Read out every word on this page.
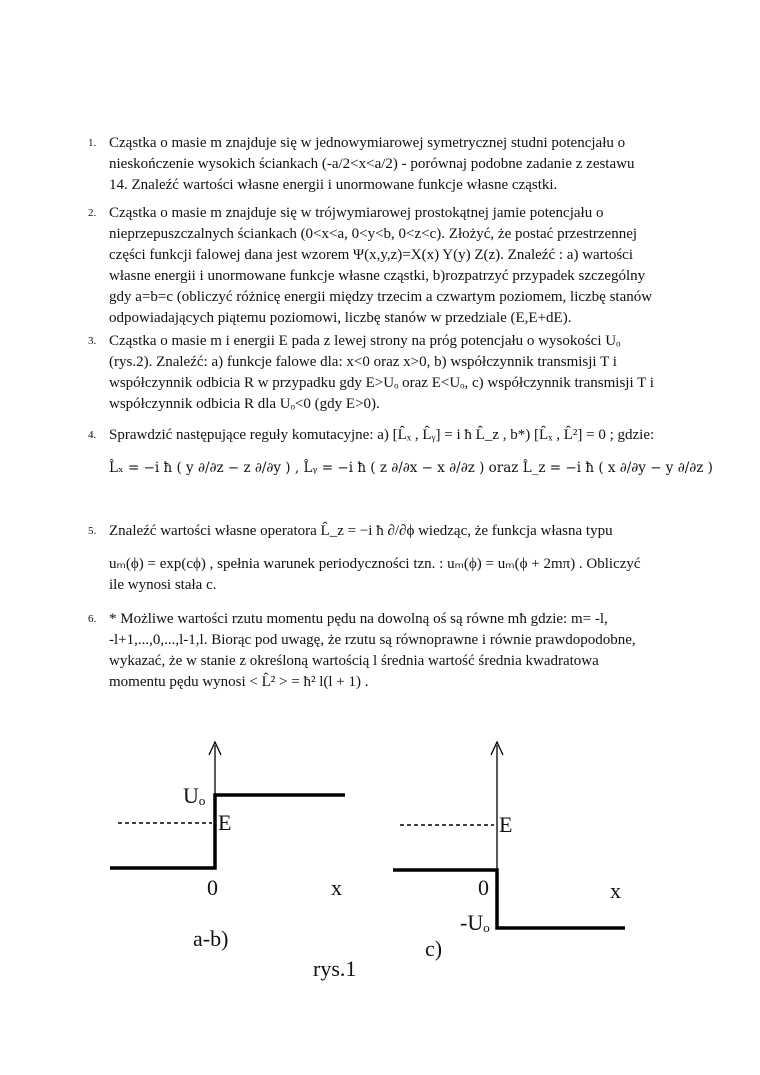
1. Cząstka o masie m znajduje się w jednowymiarowej symetrycznej studni potencjału o
nieskończenie wysokich ściankach (-a/2<x<a/2) - porównaj podobne zadanie z zestawu
14. Znaleźć wartości własne energii i unormowane funkcje własne cząstki.
2. Cząstka o masie m znajduje się w trójwymiarowej prostokątnej jamie potencjału o
nieprzepuszczalnych ściankach (0<x<a, 0<y<b, 0<z<c). Złożyć, że postać przestrzennej
części funkcji falowej dana jest wzorem Ψ(x,y,z)=X(x) Y(y) Z(z). Znaleźć : a) wartości
własne energii i unormowane funkcje własne cząstki, b)rozpatrzyć przypadek szczególny
gdy a=b=c (obliczyć różnicę energii między trzecim a czwartym poziomem, liczbę stanów
odpowiadających piątemu poziomowi, liczbę stanów w przedziale (E,E+dE).
3. Cząstka o masie m i energii E pada z lewej strony na próg potencjału o wysokości Uₒ
(rys.2). Znaleźć: a) funkcje falowe dla: x<0 oraz x>0, b) współczynnik transmisji T i
współczynnik odbicia R w przypadku gdy E>Uₒ oraz E<Uₒ, c) współczynnik transmisji T i
współczynnik odbicia R dla Uₒ<0 (gdy E>0).
4. Sprawdzić następujące reguły komutacyjne: a) [L̂ₓ , L̂ᵧ] = i ħ L̂_z , b*) [L̂ₓ , L̂²] = 0 ; gdzie:
L̂ₓ = −i ħ ( y ∂/∂z − z ∂/∂y ) , L̂ᵧ = −i ħ ( z ∂/∂x − x ∂/∂z ) oraz L̂_z = −i ħ ( x ∂/∂y − y ∂/∂z )
5. Znaleźć wartości własne operatora L̂_z = −i ħ ∂/∂ϕ wiedząc, że funkcja własna typu
uₘ(ϕ) = exp(cϕ) , spełnia warunek periodyczności tzn. : uₘ(ϕ) = uₘ(ϕ + 2mπ) . Obliczyć
ile wynosi stała c.
6. * Możliwe wartości rzutu momentu pędu na dowolną oś są równe mħ gdzie: m= -l,
-l+1,...,0,...,l-1,l. Biorąc pod uwagę, że rzutu są równoprawne i równie prawdopodobne,
wykazać, że w stanie z określoną wartością l średnia wartość średnia kwadratowa
momentu pędu wynosi < L̂² > = ħ² l(l + 1) .
Uₒ
E
0	x
a-b)
rys.1
E
0	x
-Uₒ
c)
